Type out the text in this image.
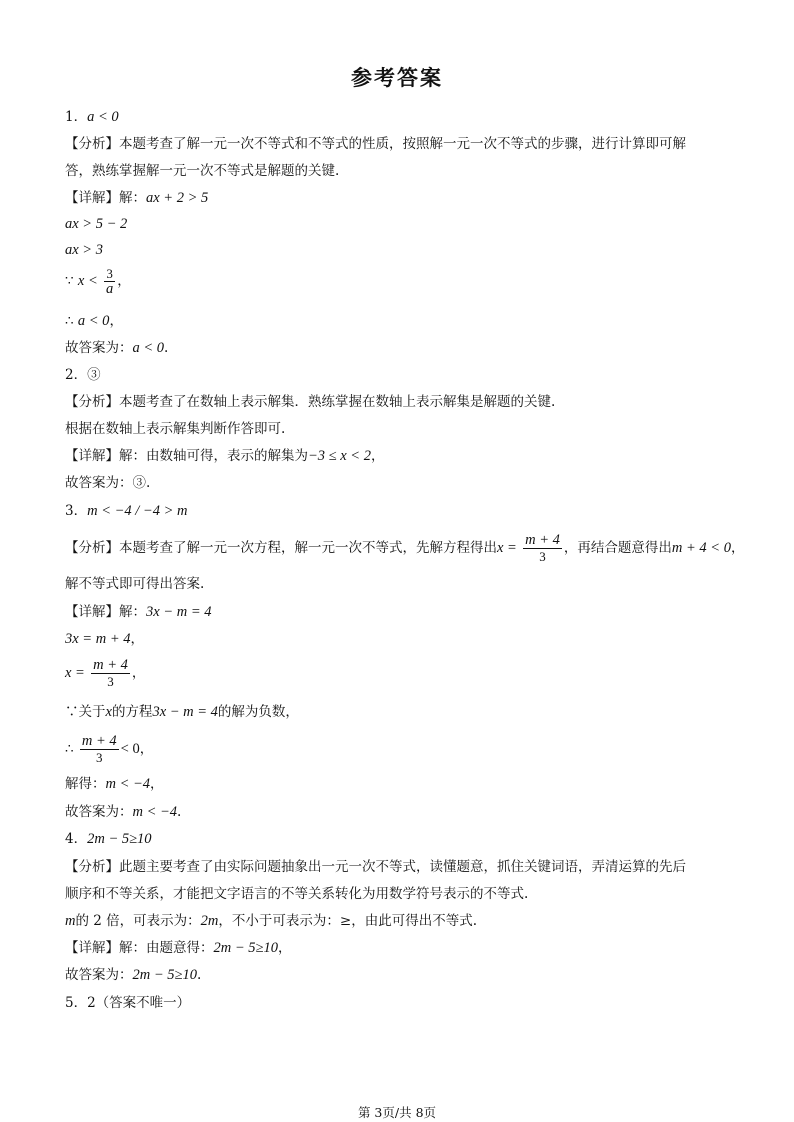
参考答案
1．a < 0
【分析】本题考查了解一元一次不等式和不等式的性质，按照解一元一次不等式的步骤，进行计算即可解
答，熟练掌握解一元一次不等式是解题的关键.
【详解】解：ax + 2 > 5
ax > 5 − 2
ax > 3
∵ $x < \frac{3}{a}$ ，
∴ a < 0，
故答案为：a < 0.
2．③
【分析】本题考查了在数轴上表示解集．熟练掌握在数轴上表示解集是解题的关键.
根据在数轴上表示解集判断作答即可.
【详解】解：由数轴可得，表示的解集为−3 ≤ x < 2，
故答案为：③.
3．m < −4 / −4 > m
【分析】本题考查了解一元一次方程，解一元一次不等式，先解方程得出$x = \frac{m + 4}{3}$ ，再结合题意得出m + 4 < 0，
解不等式即可得出答案.
【详解】解：3x − m = 4
3x = m + 4，
$x = \frac{m + 4}{3}$ ，
∵关于x的方程3x − m = 4的解为负数，
∴ $\frac{m + 4}{3} < 0$，
解得：m < −4，
故答案为：m < −4.
4．2m − 5≥10
【分析】此题主要考查了由实际问题抽象出一元一次不等式，读懂题意，抓住关键词语，弄清运算的先后
顺序和不等关系，才能把文字语言的不等关系转化为用数学符号表示的不等式.
m的 2 倍，可表示为：2m，不小于可表示为：≥，由此可得出不等式.
【详解】解：由题意得：2m − 5≥10，
故答案为：2m − 5≥10.
5．2（答案不唯一）
第 3页/共 8页
